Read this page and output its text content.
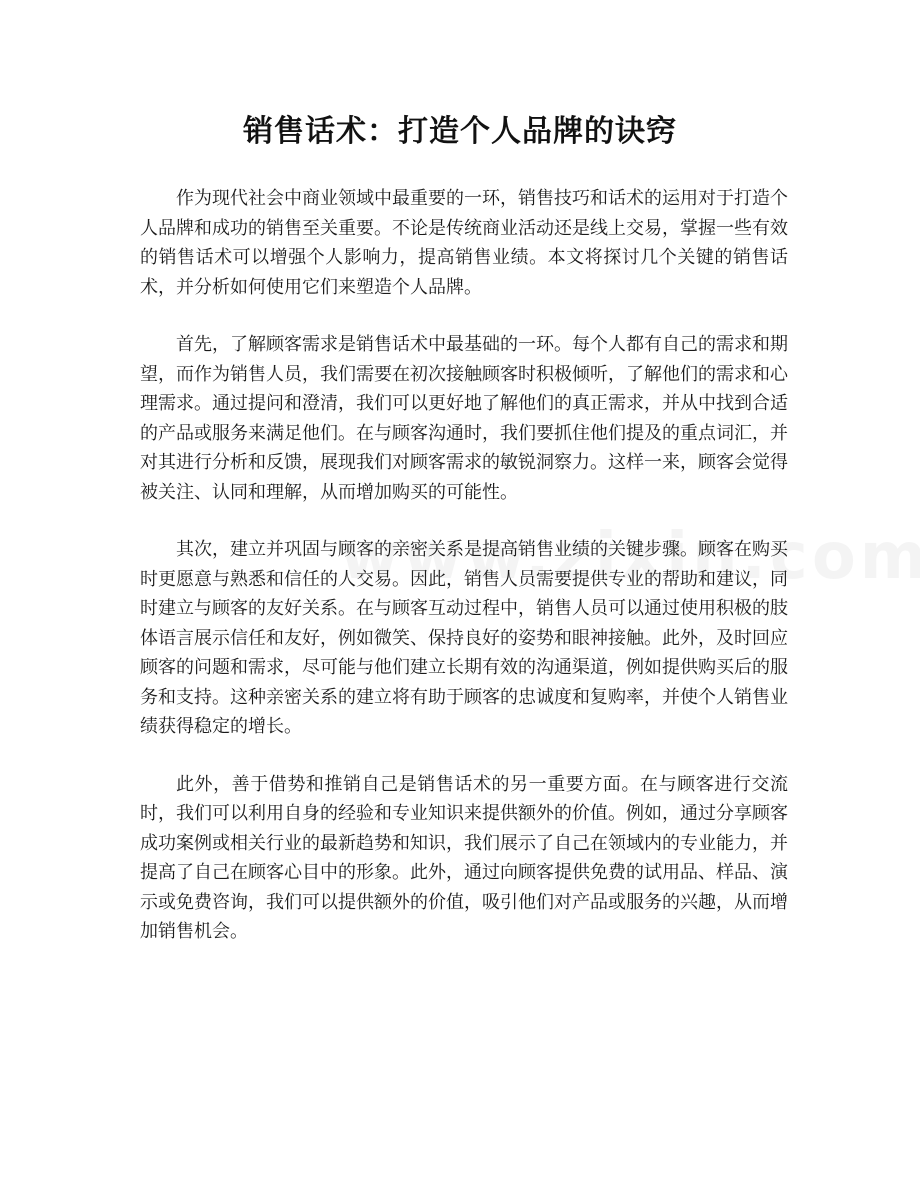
销售话术：打造个人品牌的诀窍

作为现代社会中商业领域中最重要的一环，销售技巧和话术的运用对于打造个人品牌和成功的销售至关重要。不论是传统商业活动还是线上交易，掌握一些有效的销售话术可以增强个人影响力，提高销售业绩。本文将探讨几个关键的销售话术，并分析如何使用它们来塑造个人品牌。

首先，了解顾客需求是销售话术中最基础的一环。每个人都有自己的需求和期望，而作为销售人员，我们需要在初次接触顾客时积极倾听，了解他们的需求和心理需求。通过提问和澄清，我们可以更好地了解他们的真正需求，并从中找到合适的产品或服务来满足他们。在与顾客沟通时，我们要抓住他们提及的重点词汇，并对其进行分析和反馈，展现我们对顾客需求的敏锐洞察力。这样一来，顾客会觉得被关注、认同和理解，从而增加购买的可能性。

其次，建立并巩固与顾客的亲密关系是提高销售业绩的关键步骤。顾客在购买时更愿意与熟悉和信任的人交易。因此，销售人员需要提供专业的帮助和建议，同时建立与顾客的友好关系。在与顾客互动过程中，销售人员可以通过使用积极的肢体语言展示信任和友好，例如微笑、保持良好的姿势和眼神接触。此外，及时回应顾客的问题和需求，尽可能与他们建立长期有效的沟通渠道，例如提供购买后的服务和支持。这种亲密关系的建立将有助于顾客的忠诚度和复购率，并使个人销售业绩获得稳定的增长。

此外，善于借势和推销自己是销售话术的另一重要方面。在与顾客进行交流时，我们可以利用自身的经验和专业知识来提供额外的价值。例如，通过分享顾客成功案例或相关行业的最新趋势和知识，我们展示了自己在领域内的专业能力，并提高了自己在顾客心目中的形象。此外，通过向顾客提供免费的试用品、样品、演示或免费咨询，我们可以提供额外的价值，吸引他们对产品或服务的兴趣，从而增加销售机会。
